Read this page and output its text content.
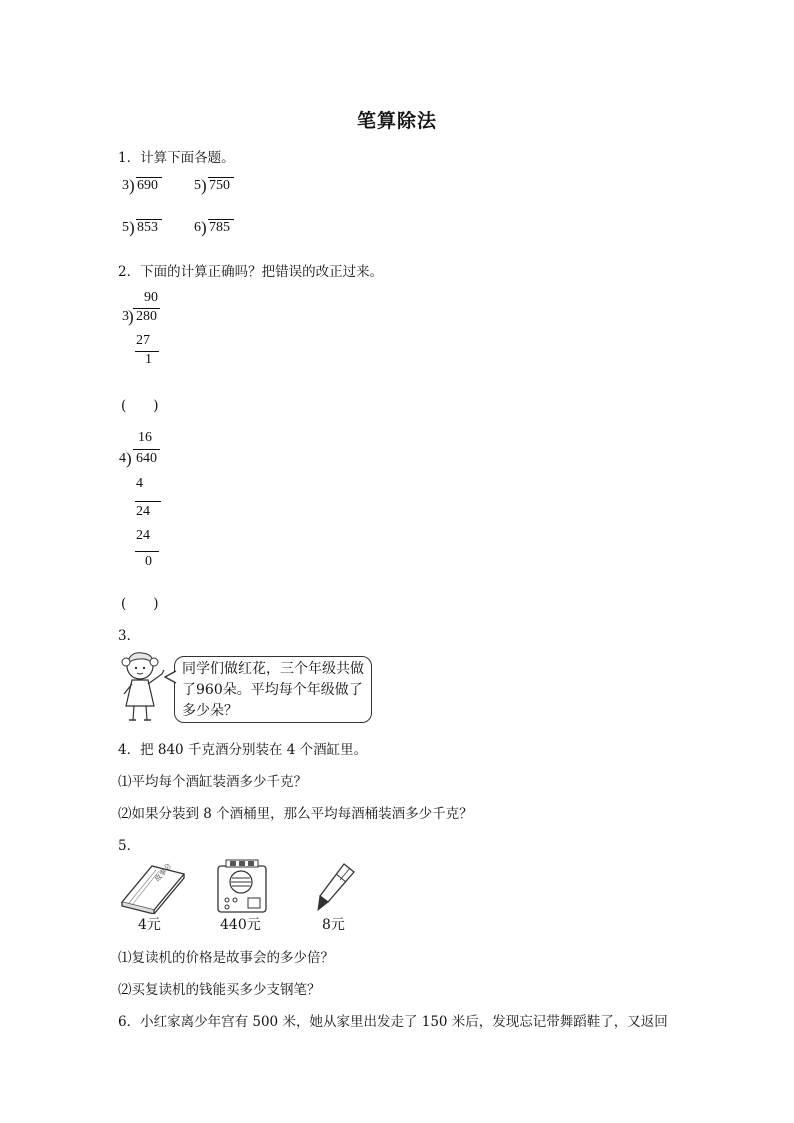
笔算除法
1．计算下面各题。
3 ) 690	5 ) 750
5 ) 853	6 ) 785
2．下面的计算正确吗？把错误的改正过来。
90
3 ) 280
27
1
(　　)
16
4 ) 640
4
24
24
0
(　　)
3．
同学们做红花，三个年级共做了960朵。平均每个年级做了多少朵？
4．把 840 千克酒分别装在 4 个酒缸里。
⑴平均每个酒缸装酒多少千克？
⑵如果分装到 8 个酒桶里，那么平均每酒桶装酒多少千克？
5．
故事会
4元	440元	8元
⑴复读机的价格是故事会的多少倍？
⑵买复读机的钱能买多少支钢笔？
6．小红家离少年宫有 500 米，她从家里出发走了 150 米后，发现忘记带舞蹈鞋了，又返回
